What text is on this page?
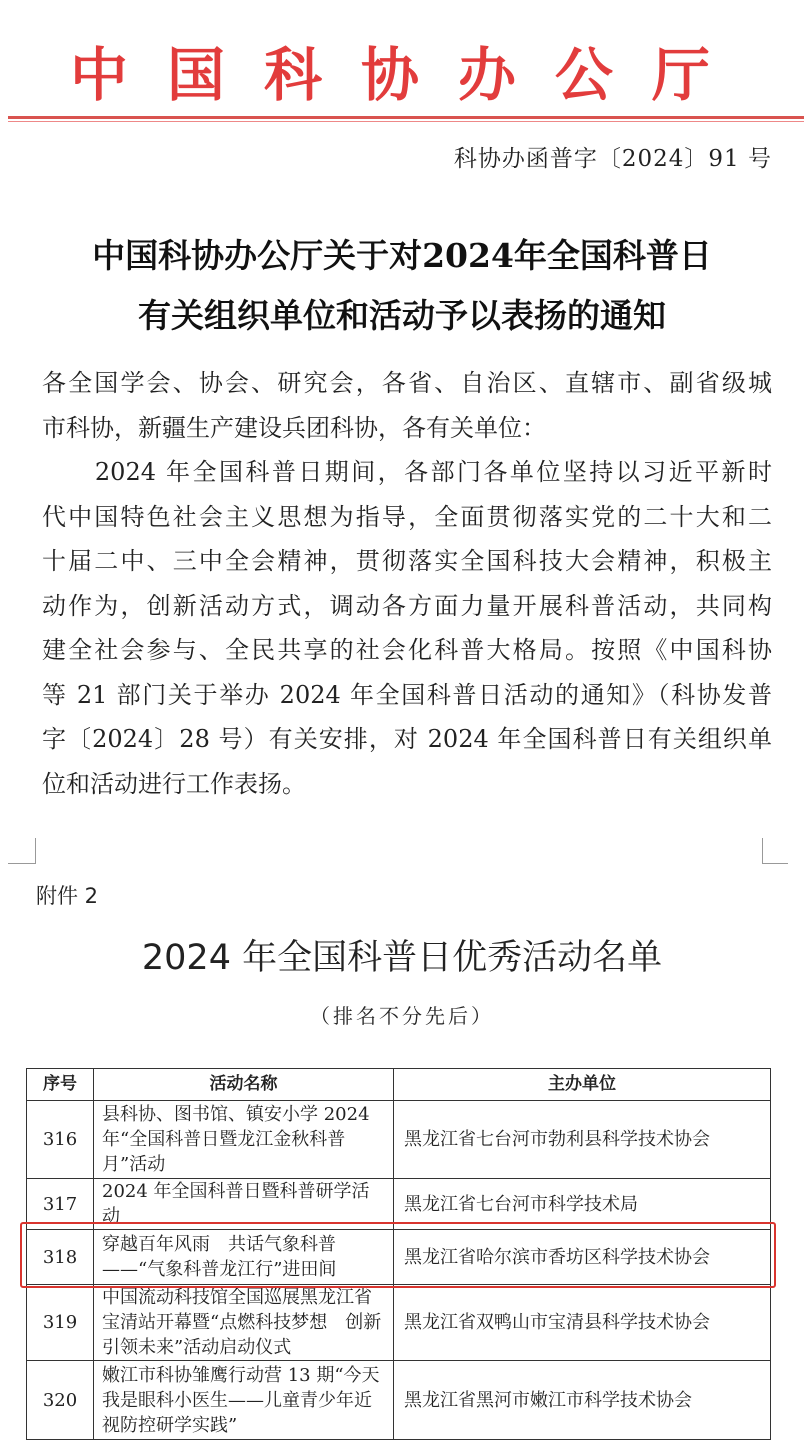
中 国 科 协 办 公 厅
科协办函普字〔2024〕91 号
中国科协办公厅关于对2024年全国科普日
有关组织单位和活动予以表扬的通知
各全国学会、协会、研究会，各省、自治区、直辖市、副省级城
市科协，新疆生产建设兵团科协，各有关单位：
　　2024 年全国科普日期间，各部门各单位坚持以习近平新时
代中国特色社会主义思想为指导，全面贯彻落实党的二十大和二
十届二中、三中全会精神，贯彻落实全国科技大会精神，积极主
动作为，创新活动方式，调动各方面力量开展科普活动，共同构
建全社会参与、全民共享的社会化科普大格局。按照《中国科协
等 21 部门关于举办 2024 年全国科普日活动的通知》（科协发普
字〔2024〕28 号）有关安排，对 2024 年全国科普日有关组织单
位和活动进行工作表扬。
附件 2
2024 年全国科普日优秀活动名单
（排名不分先后）
序号	活动名称	主办单位
316	县科协、图书馆、镇安小学 2024 年“全国科普日暨龙江金秋科普月”活动	黑龙江省七台河市勃利县科学技术协会
317	2024 年全国科普日暨科普研学活动	黑龙江省七台河市科学技术局
318	穿越百年风雨　共话气象科普——“气象科普龙江行”进田间	黑龙江省哈尔滨市香坊区科学技术协会
319	中国流动科技馆全国巡展黑龙江省宝清站开幕暨“点燃科技梦想　创新引领未来”活动启动仪式	黑龙江省双鸭山市宝清县科学技术协会
320	嫩江市科协雏鹰行动营 13 期“今天我是眼科小医生——儿童青少年近视防控研学实践”	黑龙江省黑河市嫩江市科学技术协会
